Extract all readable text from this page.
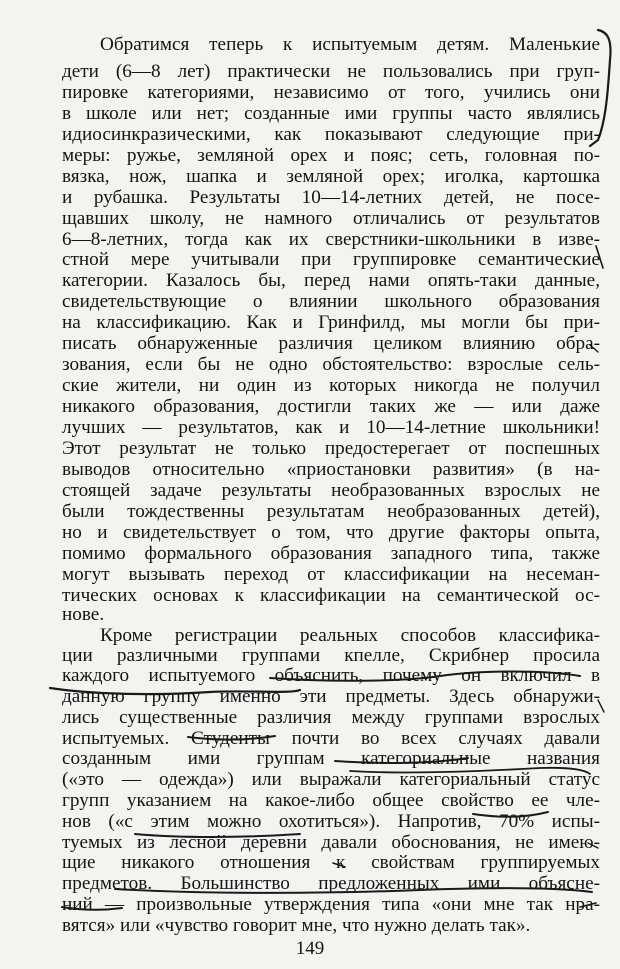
Обратимся теперь к испытуемым детям. Маленькие
дети (6—8 лет) практически не пользовались при груп-
пировке категориями, независимо от того, учились они
в школе или нет; созданные ими группы часто являлись
идиосинкразическими, как показывают следующие при-
меры: ружье, земляной орех и пояс; сеть, головная по-
вязка, нож, шапка и земляной орех; иголка, картошка
и рубашка. Результаты 10—14-летних детей, не посе-
щавших школу, не намного отличались от результатов
6—8-летних, тогда как их сверстники-школьники в изве-
стной мере учитывали при группировке семантические
категории. Казалось бы, перед нами опять-таки данные,
свидетельствующие о влиянии школьного образования
на классификацию. Как и Гринфилд, мы могли бы при-
писать обнаруженные различия целиком влиянию обра-
зования, если бы не одно обстоятельство: взрослые сель-
ские жители, ни один из которых никогда не получил
никакого образования, достигли таких же — или даже
лучших — результатов, как и 10—14-летние школьники!
Этот результат не только предостерегает от поспешных
выводов относительно «приостановки развития» (в на-
стоящей задаче результаты необразованных взрослых не
были тождественны результатам необразованных детей),
но и свидетельствует о том, что другие факторы опыта,
помимо формального образования западного типа, также
могут вызывать переход от классификации на несеман-
тических основах к классификации на семантической ос-
нове.
Кроме регистрации реальных способов классифика-
ции различными группами кпелле, Скрибнер просила
каждого испытуемого объяснить, почему он включил в
данную группу именно эти предметы. Здесь обнаружи-
лись существенные различия между группами взрослых
испытуемых. Студенты почти во всех случаях давали
созданным ими группам категориальные названия
(«это — одежда») или выражали категориальный статус
групп указанием на какое-либо общее свойство ее чле-
нов («с этим можно охотиться»). Напротив, 70% испы-
туемых из лесной деревни давали обоснования, не имею-
щие никакого отношения к свойствам группируемых
предметов. Большинство предложенных ими объясне-
ний — произвольные утверждения типа «они мне так нра-
вятся» или «чувство говорит мне, что нужно делать так».
149
